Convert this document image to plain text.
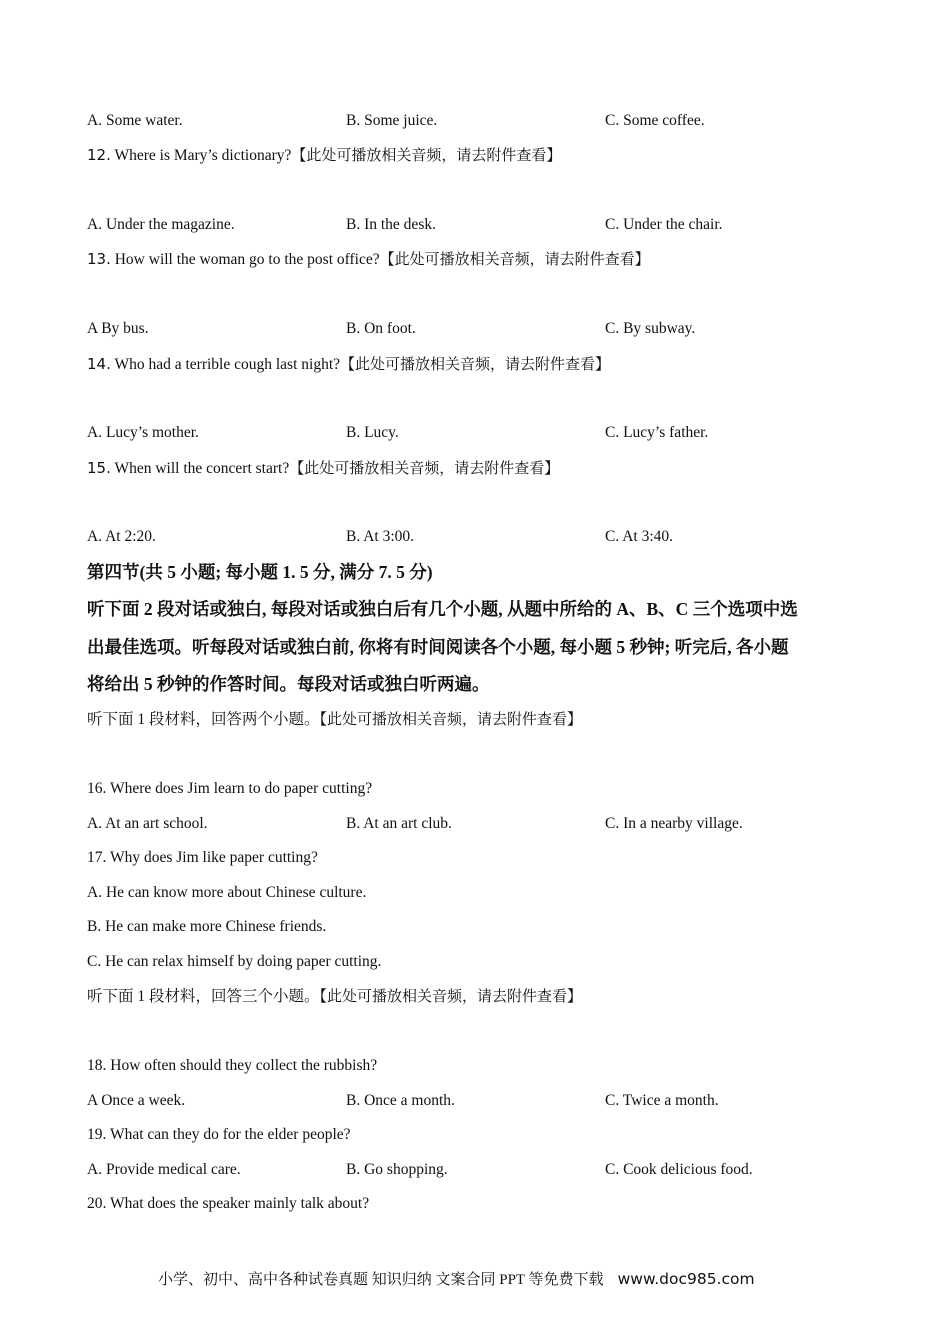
A. Some water.	B. Some juice.	C. Some coffee.
12. Where is Mary’s dictionary?【此处可播放相关音频，请去附件查看】
A. Under the magazine.	B. In the desk.	C. Under the chair.
13. How will the woman go to the post office?【此处可播放相关音频，请去附件查看】
A By bus.	B. On foot.	C. By subway.
14. Who had a terrible cough last night?【此处可播放相关音频，请去附件查看】
A. Lucy’s mother.	B. Lucy.	C. Lucy’s father.
15. When will the concert start?【此处可播放相关音频，请去附件查看】
A. At 2:20.	B. At 3:00.	C. At 3:40.
第四节(共 5 小题; 每小题 1. 5 分, 满分 7. 5 分)
听下面 2 段对话或独白, 每段对话或独白后有几个小题, 从题中所给的 A、B、C 三个选项中选
出最佳选项。听每段对话或独白前, 你将有时间阅读各个小题, 每小题 5 秒钟; 听完后, 各小题
将给出 5 秒钟的作答时间。每段对话或独白听两遍。
听下面 1 段材料，回答两个小题。【此处可播放相关音频，请去附件查看】
16. Where does Jim learn to do paper cutting?
A. At an art school.	B. At an art club.	C. In a nearby village.
17. Why does Jim like paper cutting?
A. He can know more about Chinese culture.
B. He can make more Chinese friends.
C. He can relax himself by doing paper cutting.
听下面 1 段材料，回答三个小题。【此处可播放相关音频，请去附件查看】
18. How often should they collect the rubbish?
A Once a week.	B. Once a month.	C. Twice a month.
19. What can they do for the elder people?
A. Provide medical care.	B. Go shopping.	C. Cook delicious food.
20. What does the speaker mainly talk about?
小学、初中、高中各种试卷真题 知识归纳 文案合同 PPT 等免费下载 www.doc985.com
